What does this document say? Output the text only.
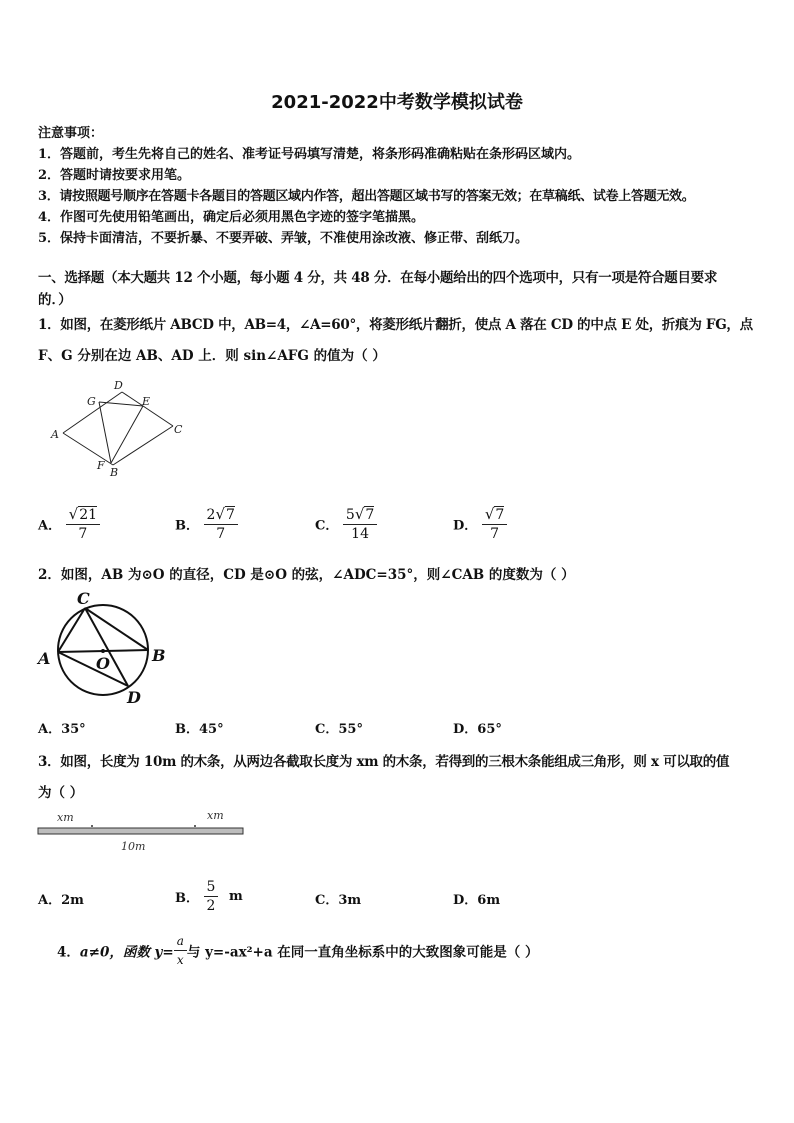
2021-2022中考数学模拟试卷
注意事项：
1．答题前，考生先将自己的姓名、准考证号码填写清楚，将条形码准确粘贴在条形码区域内。
2．答题时请按要求用笔。
3．请按照题号顺序在答题卡各题目的答题区域内作答，超出答题区域书写的答案无效；在草稿纸、试卷上答题无效。
4．作图可先使用铅笔画出，确定后必须用黑色字迹的签字笔描黑。
5．保持卡面清洁，不要折暴、不要弄破、弄皱，不准使用涂改液、修正带、刮纸刀。
一、选择题（本大题共 12 个小题，每小题 4 分，共 48 分．在每小题给出的四个选项中，只有一项是符合题目要求
的．）
1．如图，在菱形纸片 ABCD 中，AB=4，∠A=60°，将菱形纸片翻折，使点 A 落在 CD 的中点 E 处，折痕为 FG，点
F、G 分别在边 AB、AD 上．则 sin∠AFG 的值为（ ）
A
D
G	E
C
F
B
A． $\frac{√21}{7}$	B． $\frac{2√7}{7}$	C． $\frac{5√7}{14}$	D． $\frac{√7}{7}$
2．如图，AB 为⊙O 的直径，CD 是⊙O 的弦，∠ADC=35°，则∠CAB 的度数为（ ）
C
A	B
O
D
A．35°	B．45°	C．55°	D．65°
3．如图，长度为 10m 的木条，从两边各截取长度为 xm 的木条，若得到的三根木条能组成三角形，则 x 可以取的值
为（ ）
xm	xm
10m
A．2m	B． $\frac{5}{2}$ m	C．3m	D．6m
4．a≠0，函数 $y= \frac{a}{x}$ 与 y=-ax²+a 在同一直角坐标系中的大致图象可能是（ ）
